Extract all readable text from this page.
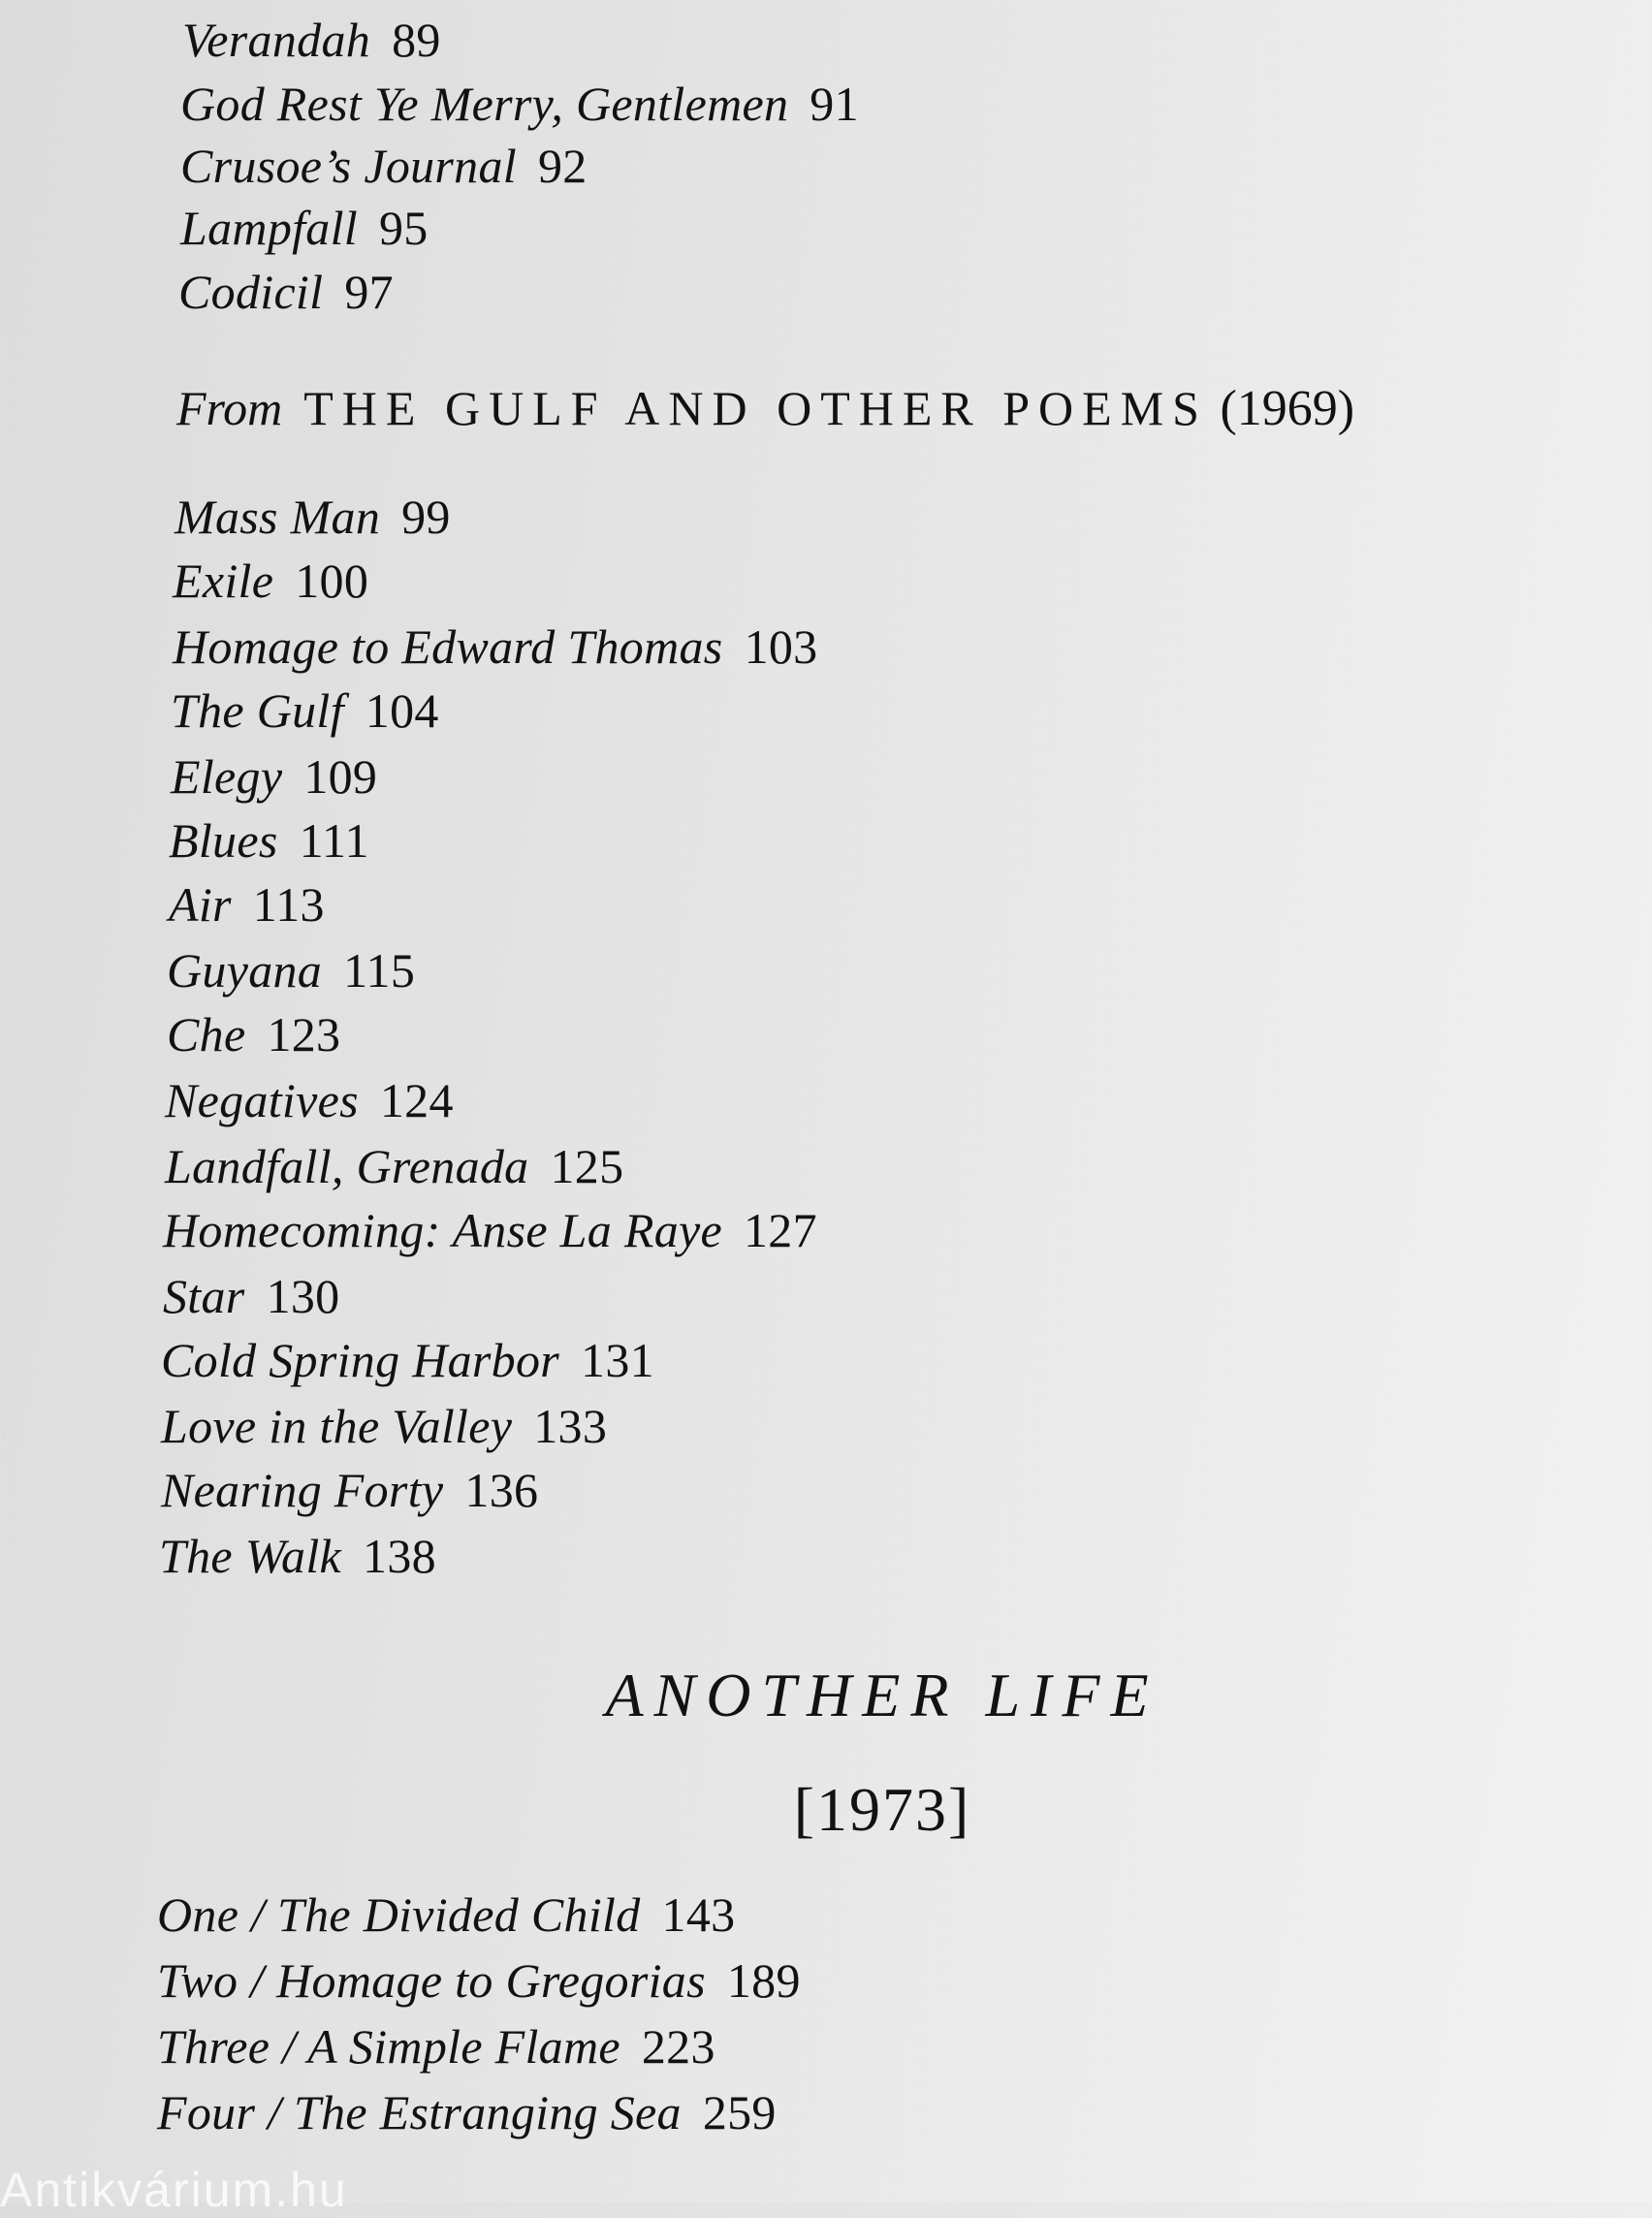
Verandah 89
God Rest Ye Merry, Gentlemen 91
Crusoe’s Journal 92
Lampfall 95
Codicil 97
From THE GULF AND OTHER POEMS (1969)
Mass Man 99
Exile 100
Homage to Edward Thomas 103
The Gulf 104
Elegy 109
Blues 111
Air 113
Guyana 115
Che 123
Negatives 124
Landfall, Grenada 125
Homecoming: Anse La Raye 127
Star 130
Cold Spring Harbor 131
Love in the Valley 133
Nearing Forty 136
The Walk 138
ANOTHER LIFE
[1973]
One / The Divided Child 143
Two / Homage to Gregorias 189
Three / A Simple Flame 223
Four / The Estranging Sea 259
Antikvárium.hu
